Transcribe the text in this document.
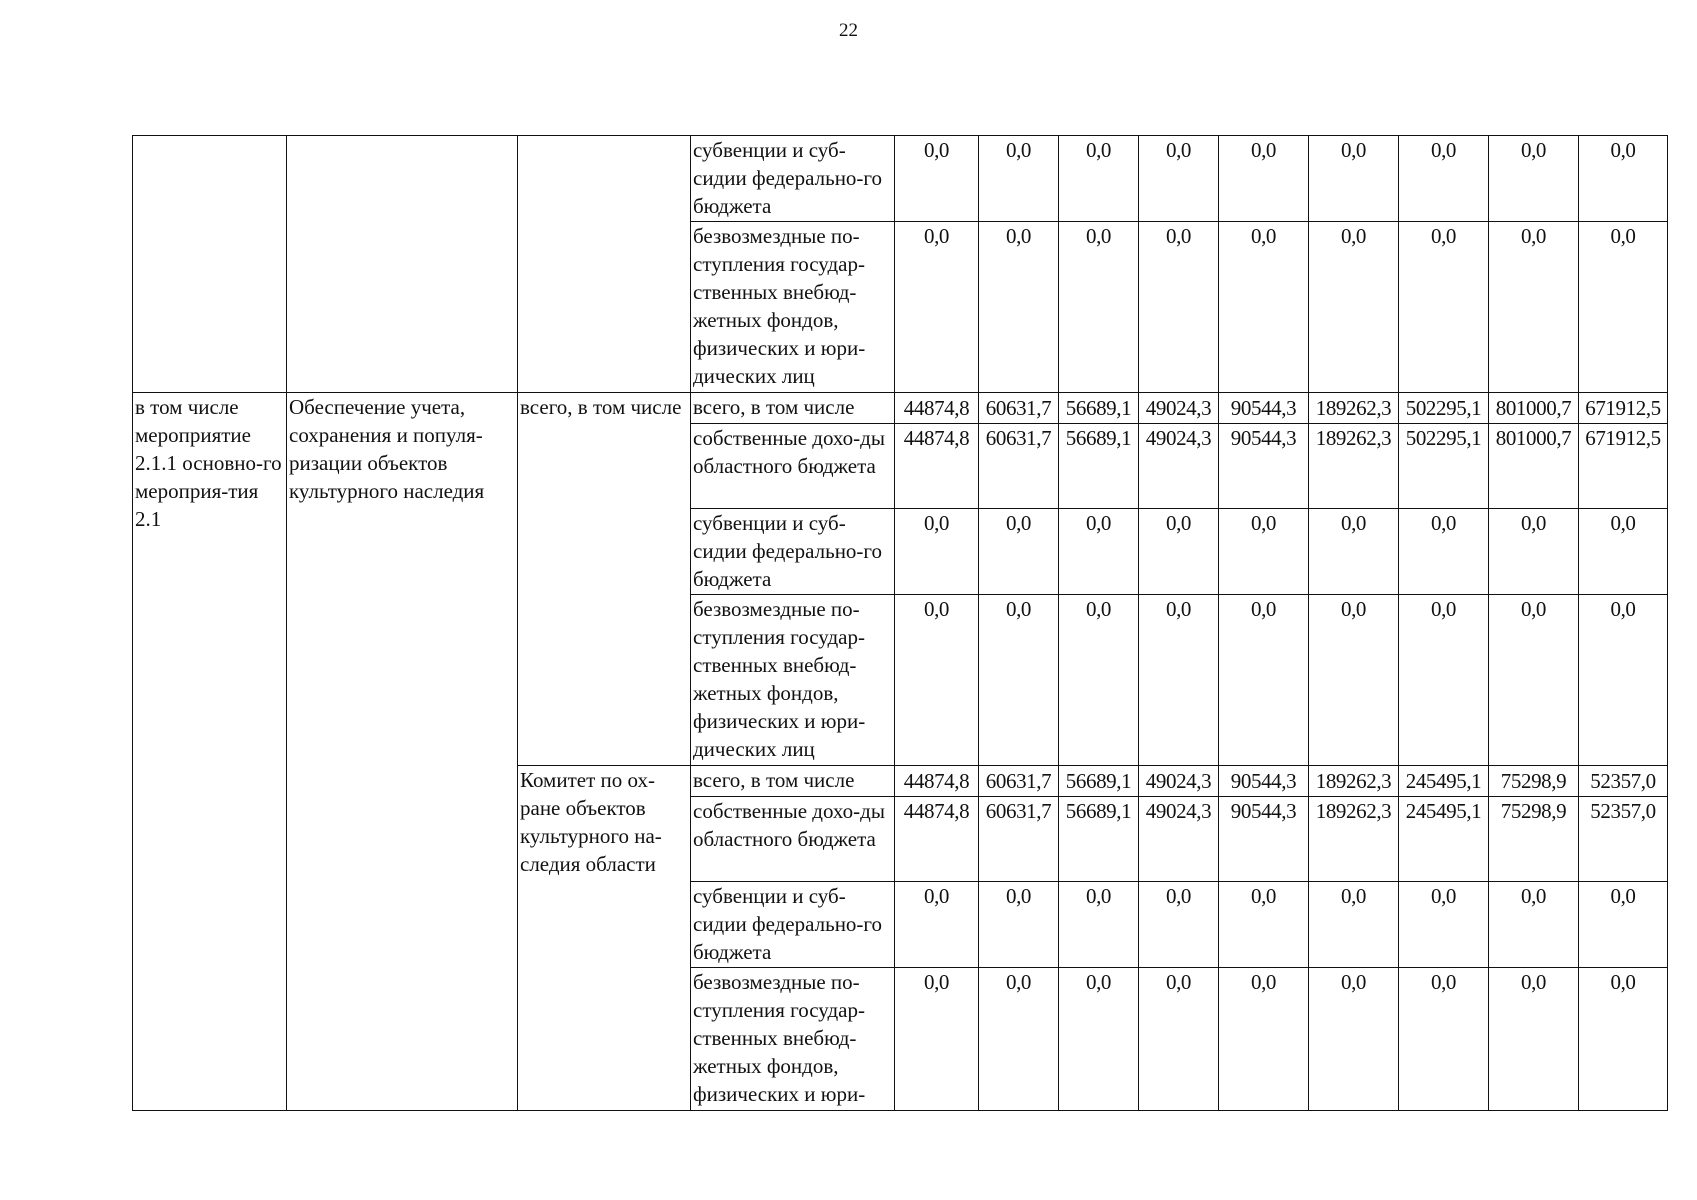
22
			субвенции и суб-сидии федерально-го бюджета	0,0	0,0	0,0	0,0	0,0	0,0	0,0	0,0	0,0
			безвозмездные по-ступления государ-ственных внебюд-жетных фондов, физических и юри-дических лиц	0,0	0,0	0,0	0,0	0,0	0,0	0,0	0,0	0,0
в том числе мероприятие 2.1.1 основно-го мероприя-тия 2.1	Обеспечение учета, сохранения и популя-ризации объектов культурного наследия	всего, в том числе	всего, в том числе	44874,8	60631,7	56689,1	49024,3	90544,3	189262,3	502295,1	801000,7	671912,5
			собственные дохо-ды областного бюджета	44874,8	60631,7	56689,1	49024,3	90544,3	189262,3	502295,1	801000,7	671912,5
			субвенции и суб-сидии федерально-го бюджета	0,0	0,0	0,0	0,0	0,0	0,0	0,0	0,0	0,0
			безвозмездные по-ступления государ-ственных внебюд-жетных фондов, физических и юри-дических лиц	0,0	0,0	0,0	0,0	0,0	0,0	0,0	0,0	0,0
		Комитет по ох-ране объектов культурного на-следия области	всего, в том числе	44874,8	60631,7	56689,1	49024,3	90544,3	189262,3	245495,1	75298,9	52357,0
			собственные дохо-ды областного бюджета	44874,8	60631,7	56689,1	49024,3	90544,3	189262,3	245495,1	75298,9	52357,0
			субвенции и суб-сидии федерально-го бюджета	0,0	0,0	0,0	0,0	0,0	0,0	0,0	0,0	0,0
			безвозмездные по-ступления государ-ственных внебюд-жетных фондов, физических и юри-	0,0	0,0	0,0	0,0	0,0	0,0	0,0	0,0	0,0
